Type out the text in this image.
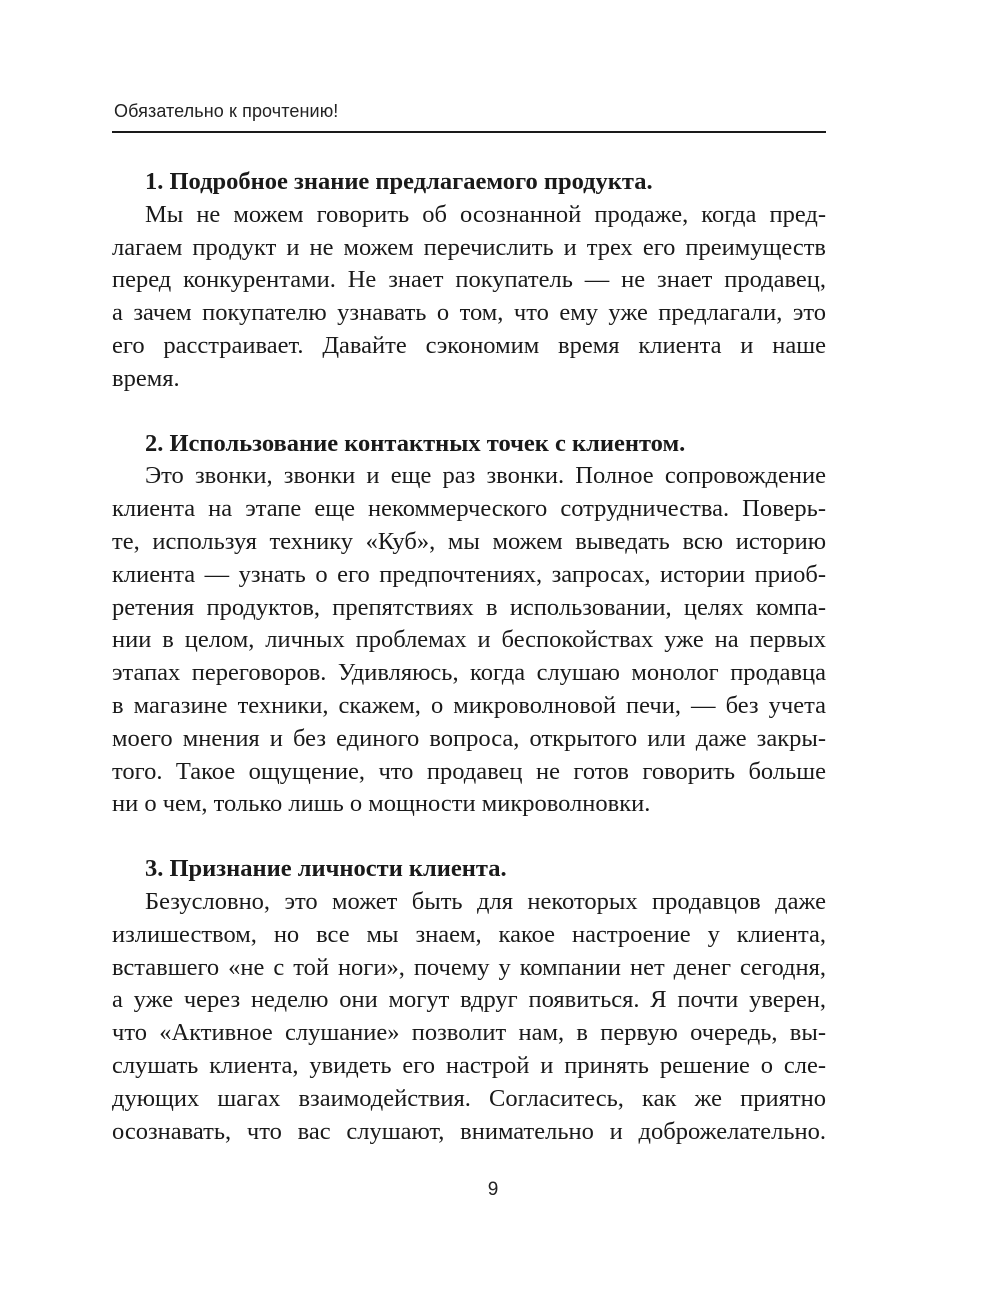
Обязательно к прочтению!

1. Подробное знание предлагаемого продукта.

Мы не можем говорить об осознанной продаже, когда пред-
лагаем продукт и не можем перечислить и трех его преимуществ
перед конкурентами. Не знает покупатель — не знает продавец,
а зачем покупателю узнавать о том, что ему уже предлагали, это
его расстраивает. Давайте сэкономим время клиента и наше
время.

2. Использование контактных точек с клиентом.

Это звонки, звонки и еще раз звонки. Полное сопровождение
клиента на этапе еще некоммерческого сотрудничества. Поверь-
те, используя технику «Куб», мы можем выведать всю историю
клиента — узнать о его предпочтениях, запросах, истории приоб-
ретения продуктов, препятствиях в использовании, целях компа-
нии в целом, личных проблемах и беспокойствах уже на первых
этапах переговоров. Удивляюсь, когда слушаю монолог продавца
в магазине техники, скажем, о микроволновой печи, — без учета
моего мнения и без единого вопроса, открытого или даже закры-
того. Такое ощущение, что продавец не готов говорить больше
ни о чем, только лишь о мощности микроволновки.

3. Признание личности клиента.

Безусловно, это может быть для некоторых продавцов даже
излишеством, но все мы знаем, какое настроение у клиента,
вставшего «не с той ноги», почему у компании нет денег сегодня,
а уже через неделю они могут вдруг появиться. Я почти уверен,
что «Активное слушание» позволит нам, в первую очередь, вы-
слушать клиента, увидеть его настрой и принять решение о сле-
дующих шагах взаимодействия. Согласитесь, как же приятно
осознавать, что вас слушают, внимательно и доброжелательно.
9
